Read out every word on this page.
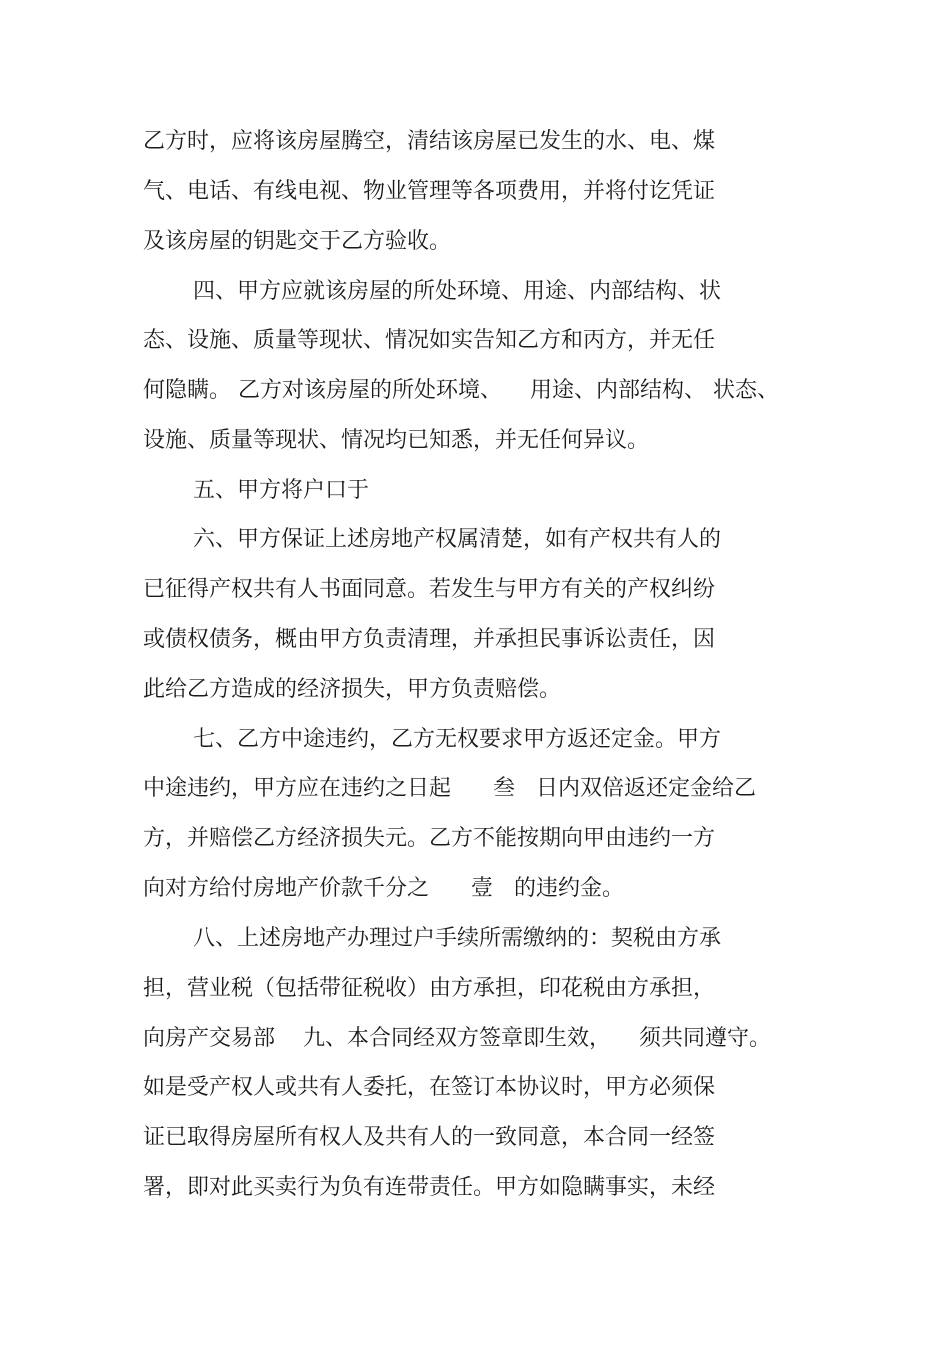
乙方时，应将该房屋腾空，清结该房屋已发生的水、电、煤
气、电话、有线电视、物业管理等各项费用，并将付讫凭证
及该房屋的钥匙交于乙方验收。
四、甲方应就该房屋的所处环境、用途、内部结构、状
态、设施、质量等现状、情况如实告知乙方和丙方，并无任
何隐瞒。 乙方对该房屋的所处环境、    用途、内部结构、 状态、
设施、质量等现状、情况均已知悉，并无任何异议。
五、甲方将户口于
六、甲方保证上述房地产权属清楚，如有产权共有人的
已征得产权共有人书面同意。若发生与甲方有关的产权纠纷
或债权债务，概由甲方负责清理，并承担民事诉讼责任，因
此给乙方造成的经济损失，甲方负责赔偿。
七、乙方中途违约，乙方无权要求甲方返还定金。甲方
中途违约，甲方应在违约之日起      叁   日内双倍返还定金给乙
方，并赔偿乙方经济损失元。乙方不能按期向甲由违约一方
向对方给付房地产价款千分之      壹   的违约金。
八、上述房地产办理过户手续所需缴纳的：契税由方承
担，营业税（包括带征税收）由方承担，印花税由方承担，
向房产交易部    九、本合同经双方签章即生效，    须共同遵守。
如是受产权人或共有人委托，在签订本协议时，甲方必须保
证已取得房屋所有权人及共有人的一致同意，本合同一经签
署，即对此买卖行为负有连带责任。甲方如隐瞒事实，未经
